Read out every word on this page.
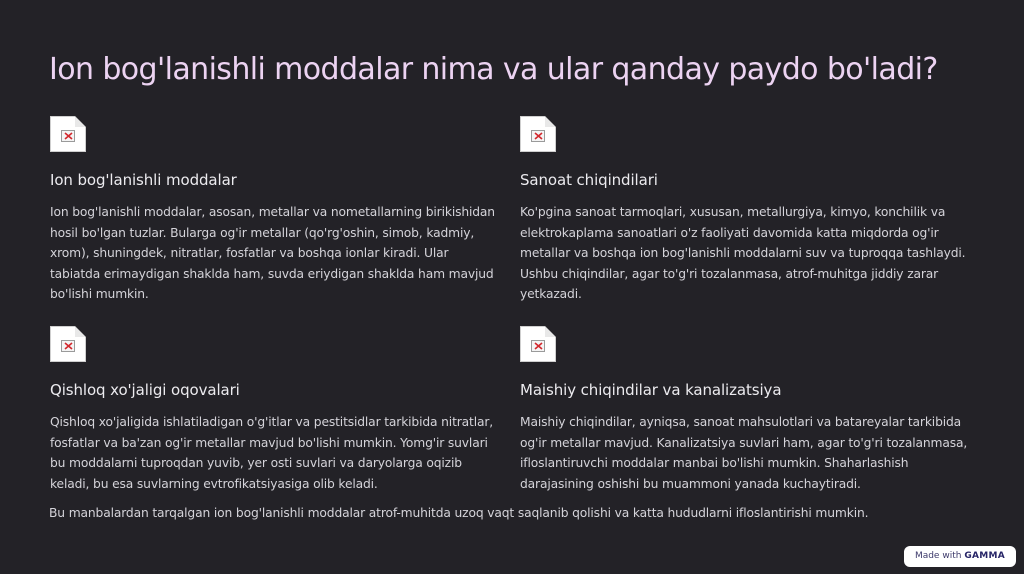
Ion bog'lanishli moddalar nima va ular qanday paydo bo'ladi?
Ion bog'lanishli moddalar
Ion bog'lanishli moddalar, asosan, metallar va nometallarning birikishidan hosil bo'lgan tuzlar. Bularga og'ir metallar (qo'rg'oshin, simob, kadmiy, xrom), shuningdek, nitratlar, fosfatlar va boshqa ionlar kiradi. Ular tabiatda erimaydigan shaklda ham, suvda eriydigan shaklda ham mavjud bo'lishi mumkin.
Sanoat chiqindilari
Ko'pgina sanoat tarmoqlari, xususan, metallurgiya, kimyo, konchilik va elektrokaplama sanoatlari o'z faoliyati davomida katta miqdorda og'ir metallar va boshqa ion bog'lanishli moddalarni suv va tuproqqa tashlaydi. Ushbu chiqindilar, agar to'g'ri tozalanmasa, atrof-muhitga jiddiy zarar yetkazadi.
Qishloq xo'jaligi oqovalari
Qishloq xo'jaligida ishlatiladigan o'g'itlar va pestitsidlar tarkibida nitratlar, fosfatlar va ba'zan og'ir metallar mavjud bo'lishi mumkin. Yomg'ir suvlari bu moddalarni tuproqdan yuvib, yer osti suvlari va daryolarga oqizib keladi, bu esa suvlarning evtrofikatsiyasiga olib keladi.
Maishiy chiqindilar va kanalizatsiya
Maishiy chiqindilar, ayniqsa, sanoat mahsulotlari va batareyalar tarkibida og'ir metallar mavjud. Kanalizatsiya suvlari ham, agar to'g'ri tozalanmasa, ifloslantiruvchi moddalar manbai bo'lishi mumkin. Shaharlashish darajasining oshishi bu muammoni yanada kuchaytiradi.
Bu manbalardan tarqalgan ion bog'lanishli moddalar atrof-muhitda uzoq vaqt saqlanib qolishi va katta hududlarni ifloslantirishi mumkin.
Made with GAMMA
